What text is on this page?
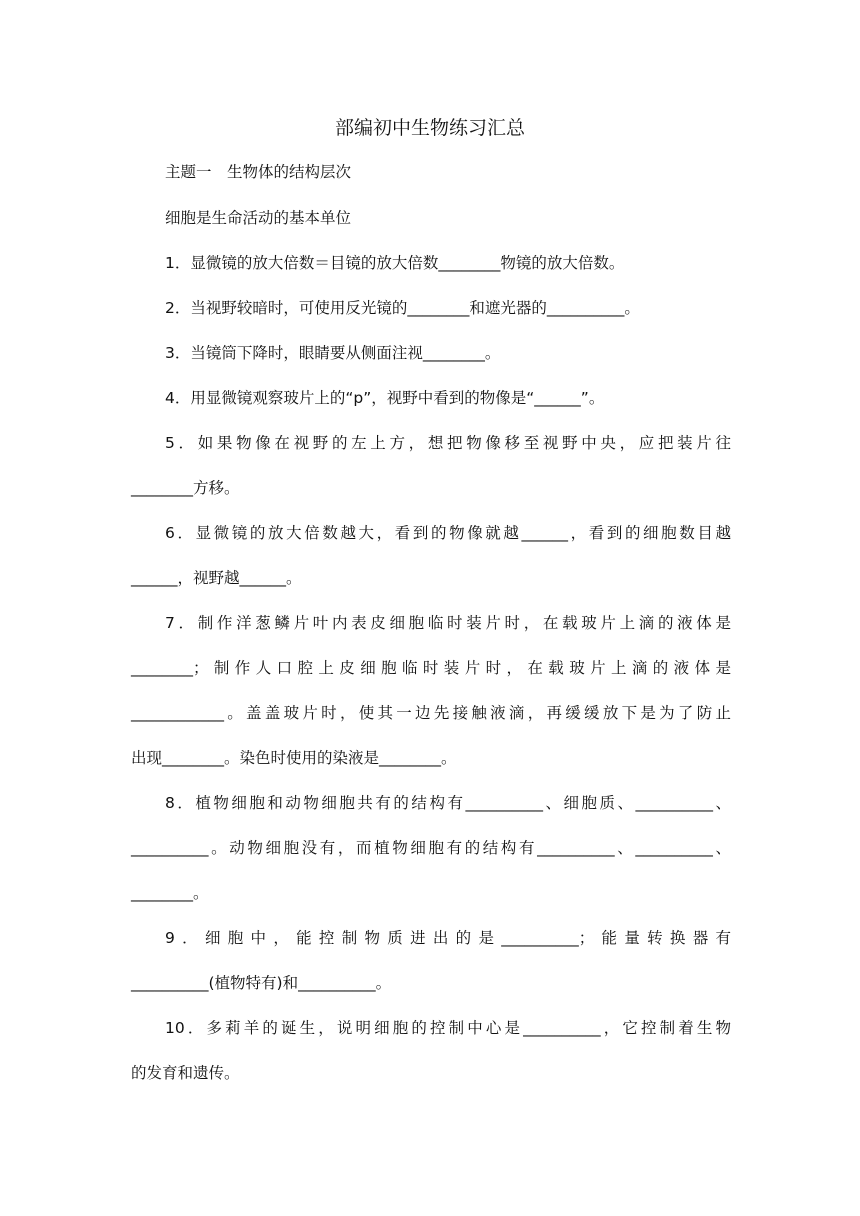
部编初中生物练习汇总
主题一　生物体的结构层次
细胞是生命活动的基本单位
1．显微镜的放大倍数＝目镜的放大倍数________物镜的放大倍数。
2．当视野较暗时，可使用反光镜的________和遮光器的__________。
3．当镜筒下降时，眼睛要从侧面注视________。
4．用显微镜观察玻片上的“p”，视野中看到的物像是“______”。
5．如果物像在视野的左上方，想把物像移至视野中央，应把装片往
________方移。
6．显微镜的放大倍数越大，看到的物像就越______，看到的细胞数目越
______，视野越______。
7．制作洋葱鳞片叶内表皮细胞临时装片时，在载玻片上滴的液体是
________；制作人口腔上皮细胞临时装片时，在载玻片上滴的液体是
____________。盖盖玻片时，使其一边先接触液滴，再缓缓放下是为了防止
出现________。染色时使用的染液是________。
8．植物细胞和动物细胞共有的结构有__________、细胞质、__________、
__________。动物细胞没有，而植物细胞有的结构有__________、__________、
________。
9．细胞中，能控制物质进出的是__________；能量转换器有
__________(植物特有)和__________。
10．多莉羊的诞生，说明细胞的控制中心是__________，它控制着生物
的发育和遗传。
